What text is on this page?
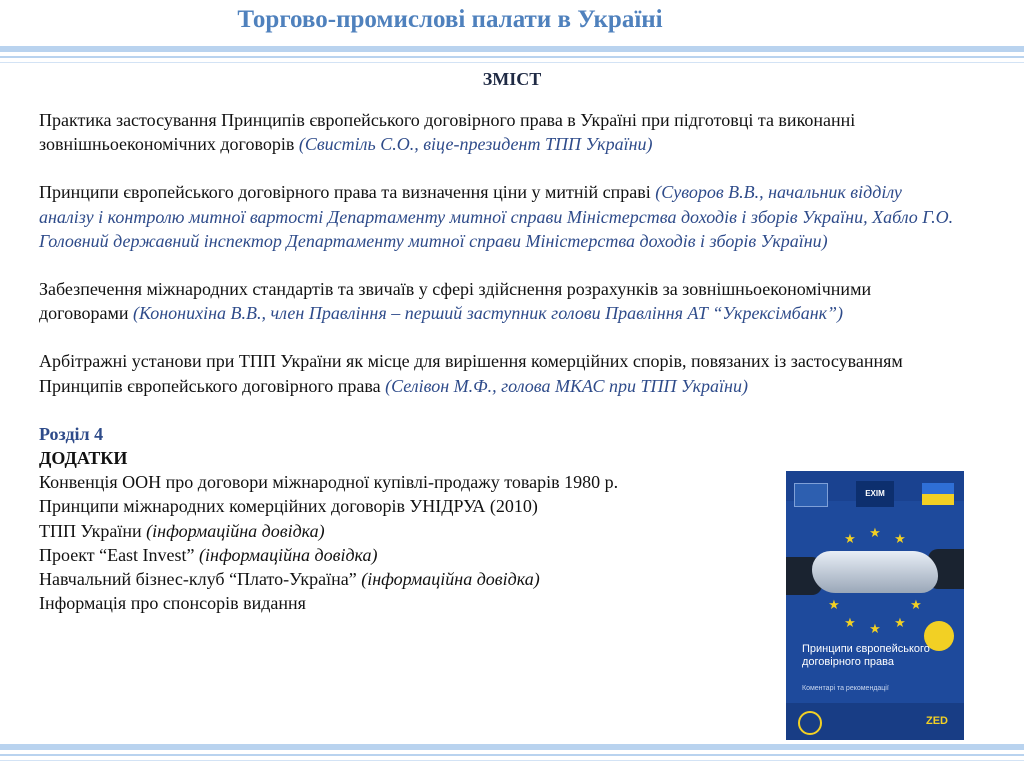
Торгово-промислові палати в Україні
ЗМІСТ
Практика застосування Принципів європейського договірного права в Україні при підготовці та виконанні зовнішньоекономічних договорів (Свистіль С.О., віце-президент ТПП України)
Принципи європейського договірного права та визначення ціни у митній справі (Суворов В.В., начальник відділу аналізу і контролю митної вартості Департаменту митної справи Міністерства доходів і зборів України, Хабло Г.О. Головний державний інспектор Департаменту митної справи Міністерства доходів і зборів України)
Забезпечення міжнародних стандартів та звичаїв у сфері здійснення розрахунків за зовнішньоекономічними договорами (Кононихіна В.В., член Правління – перший заступник голови Правління АТ “Укрексімбанк”)
Арбітражні установи при ТПП України як місце для вирішення комерційних спорів, повязаних із застосуванням Принципів європейського договірного права (Селівон М.Ф., голова МКАС при ТПП України)
Розділ 4
ДОДАТКИ
Конвенція ООН про договори міжнародної купівлі-продажу товарів 1980 р.
Принципи міжнародних комерційних договорів УНІДРУА (2010)
ТПП України (інформаційна довідка)
Проект “East Invest” (інформаційна довідка)
Навчальний бізнес-клуб “Плато-Україна” (інформаційна довідка)
Інформація про спонсорів видання
EXIM
★ ★
★
★
★
★
★
★
Принципи європейського договірного права
Коментарі та рекомендації
ZED
